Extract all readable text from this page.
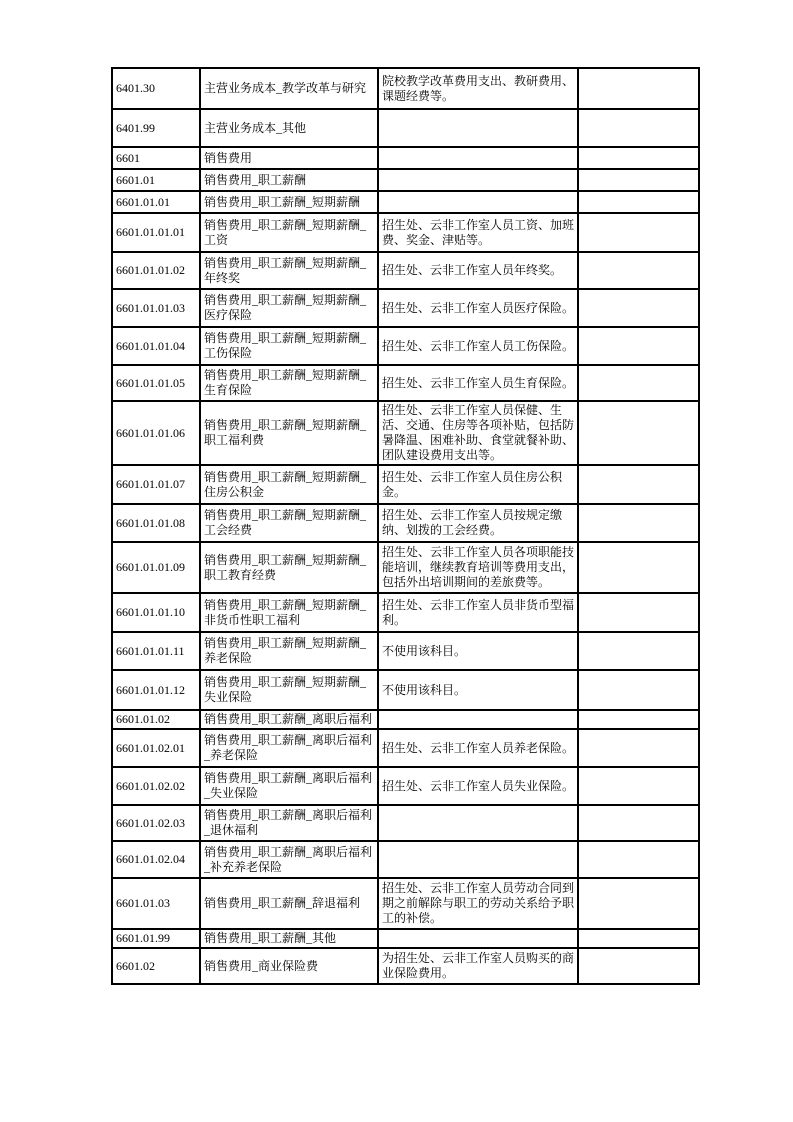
6401.30	主营业务成本_教学改革与研究	院校教学改革费用支出、教研费用、课题经费等。	
6401.99	主营业务成本_其他		
6601	销售费用		
6601.01	销售费用_职工薪酬		
6601.01.01	销售费用_职工薪酬_短期薪酬		
6601.01.01.01	销售费用_职工薪酬_短期薪酬_工资	招生处、云非工作室人员工资、加班费、奖金、津贴等。	
6601.01.01.02	销售费用_职工薪酬_短期薪酬_年终奖	招生处、云非工作室人员年终奖。	
6601.01.01.03	销售费用_职工薪酬_短期薪酬_医疗保险	招生处、云非工作室人员医疗保险。	
6601.01.01.04	销售费用_职工薪酬_短期薪酬_工伤保险	招生处、云非工作室人员工伤保险。	
6601.01.01.05	销售费用_职工薪酬_短期薪酬_生育保险	招生处、云非工作室人员生育保险。	
6601.01.01.06	销售费用_职工薪酬_短期薪酬_职工福利费	招生处、云非工作室人员保健、生活、交通、住房等各项补贴，包括防暑降温、困难补助、食堂就餐补助、团队建设费用支出等。	
6601.01.01.07	销售费用_职工薪酬_短期薪酬_住房公积金	招生处、云非工作室人员住房公积金。	
6601.01.01.08	销售费用_职工薪酬_短期薪酬_工会经费	招生处、云非工作室人员按规定缴纳、划拨的工会经费。	
6601.01.01.09	销售费用_职工薪酬_短期薪酬_职工教育经费	招生处、云非工作室人员各项职能技能培训，继续教育培训等费用支出，包括外出培训期间的差旅费等。	
6601.01.01.10	销售费用_职工薪酬_短期薪酬_非货币性职工福利	招生处、云非工作室人员非货币型福利。	
6601.01.01.11	销售费用_职工薪酬_短期薪酬_养老保险	不使用该科目。	
6601.01.01.12	销售费用_职工薪酬_短期薪酬_失业保险	不使用该科目。	
6601.01.02	销售费用_职工薪酬_离职后福利		
6601.01.02.01	销售费用_职工薪酬_离职后福利_养老保险	招生处、云非工作室人员养老保险。	
6601.01.02.02	销售费用_职工薪酬_离职后福利_失业保险	招生处、云非工作室人员失业保险。	
6601.01.02.03	销售费用_职工薪酬_离职后福利_退休福利		
6601.01.02.04	销售费用_职工薪酬_离职后福利_补充养老保险		
6601.01.03	销售费用_职工薪酬_辞退福利	招生处、云非工作室人员劳动合同到期之前解除与职工的劳动关系给予职工的补偿。	
6601.01.99	销售费用_职工薪酬_其他		
6601.02	销售费用_商业保险费	为招生处、云非工作室人员购买的商业保险费用。	
